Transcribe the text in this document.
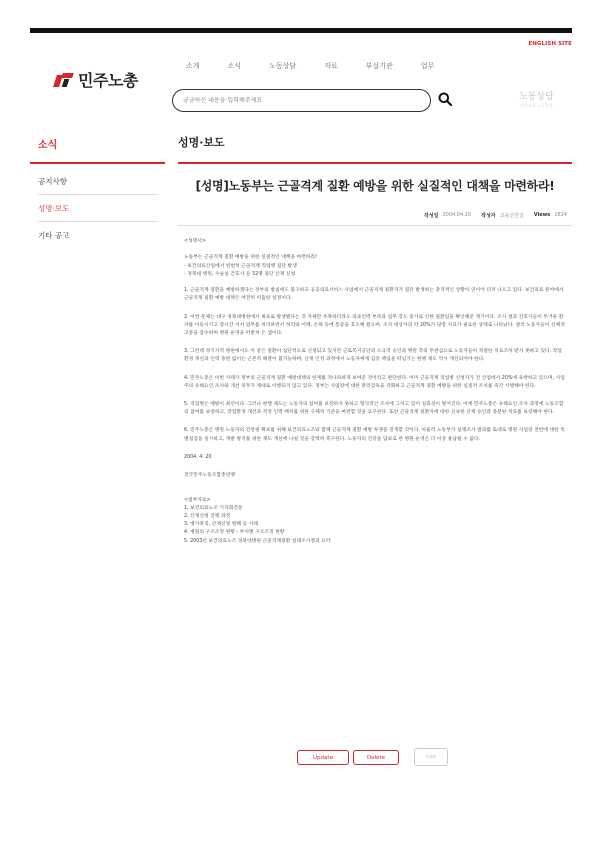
ENGLISH SITE
민주노총
소개	소식	노동상담	자료	부설기관	업무
궁금하신 내용을 입력해주세요
노동상담
민주노총 노동상담
소식
공지사항
성명·보도
기타 공고
성명·보도
[성명]노동부는 근골격계 질환 예방을 위한 실질적인 대책을 마련하라!
작성일 2004.04.20 작성자 교육선전실 Views 2824

<성명서>

노동부는 근골격계 질환 예방을 위한 실질적인 대책을 마련하라!

- 보건의료산업에서 빈번히 근골격계 직업병 집단 발생

- 경북대 병원, 수술실 간호사 등 32명 집단 산재 신청

1. 근골격계 질환을 예방하겠다는 정부의 방침에도 불구하고 공공의료서비스 사업에서 근골격계 질환자가 집단 발생하는 충격적인 상황이 연이어 터져 나오고 있다. 보건의료 분야에서 근골격계 질환 예방 대책은 여전히 미흡한 실정이다.

2. 이번 문제는 대구 경북대병원에서 최초로 발생했다는 것 자체만 주목하더라도 의료인력 부족과 업무 강도 증가로 인한 질환임을 확인해준 계기이다. 조사 결과 간호사들이 무거운 환자를 이동시키고 장시간 서서 업무를 처리하면서 허리와 어깨, 손목 등에 통증을 호소해 왔으며, 조사 대상자의 약 20%가 당장 치료가 필요한 상태로 나타났다. 결국 노동자들이 신체적 고통을 감수하며 병원 운영을 떠받쳐 온 셈이다.

3. 그런데 경기지역 병원에서도 이 같은 질환이 집단적으로 신청되고 있지만 근로복지공단의 소극적 승인과 병원 측의 무관심으로 노동자들이 적절한 치료조차 받지 못하고 있다. 작업 환경 개선과 인력 충원 없이는 근본적 해결이 불가능하며, 산재 인정 과정에서 노동자에게 입증 책임을 떠넘기는 현행 제도 역시 개선되어야 한다.

4. 민주노총은 이번 사태가 정부의 근골격계 질환 예방대책의 한계를 적나라하게 보여준 것이라고 판단한다. 이미 근골격계 직업병 신청자가 전 산업에서 20%에 육박하고 있으며, 사업주의 유해요인 조사와 개선 의무가 제대로 이행되지 않고 있다. 정부는 사업장에 대한 관리감독을 강화하고 근골격계 질환 예방을 위한 실질적 조치를 즉각 시행해야 한다.

5. 직업병은 예방이 최선이다. 그러나 현행 제도는 노동자의 참여를 보장하지 못하고 형식적인 조사에 그치고 있어 실효성이 떨어진다. 이에 민주노총은 유해요인 조사 과정에 노동조합의 참여를 보장하고, 작업환경 개선과 적정 인력 배치를 위한 구체적 기준을 마련할 것을 요구한다. 또한 근골격계 질환자에 대한 신속한 산재 승인과 충분한 치료를 보장해야 한다.

6. 민주노총은 병원 노동자의 건강권 확보를 위해 보건의료노조와 함께 근골격계 질환 예방 투쟁을 전개할 것이다. 아울러 노동부가 실태조사 결과를 토대로 병원 사업장 전반에 대한 특별점검을 실시하고, 재발 방지를 위한 제도 개선에 나설 것을 강력히 촉구한다. 노동자의 건강을 담보로 한 병원 운영은 더 이상 용납될 수 없다.

2004. 4. 20

전국민주노동조합총연맹

<첨부자료>

1. 보건의료노조 기자회견문

2. 산재신청 진행 과정

3. 병가휴직, 산재신청 방해 등 사례

4. 병원의 구조조정 현황 - 부서별 구조조정 현황

5. 2003년 보건의료노조 경북대병원 근골격계질환 실태조사결과 요약

Update	Delete	List
